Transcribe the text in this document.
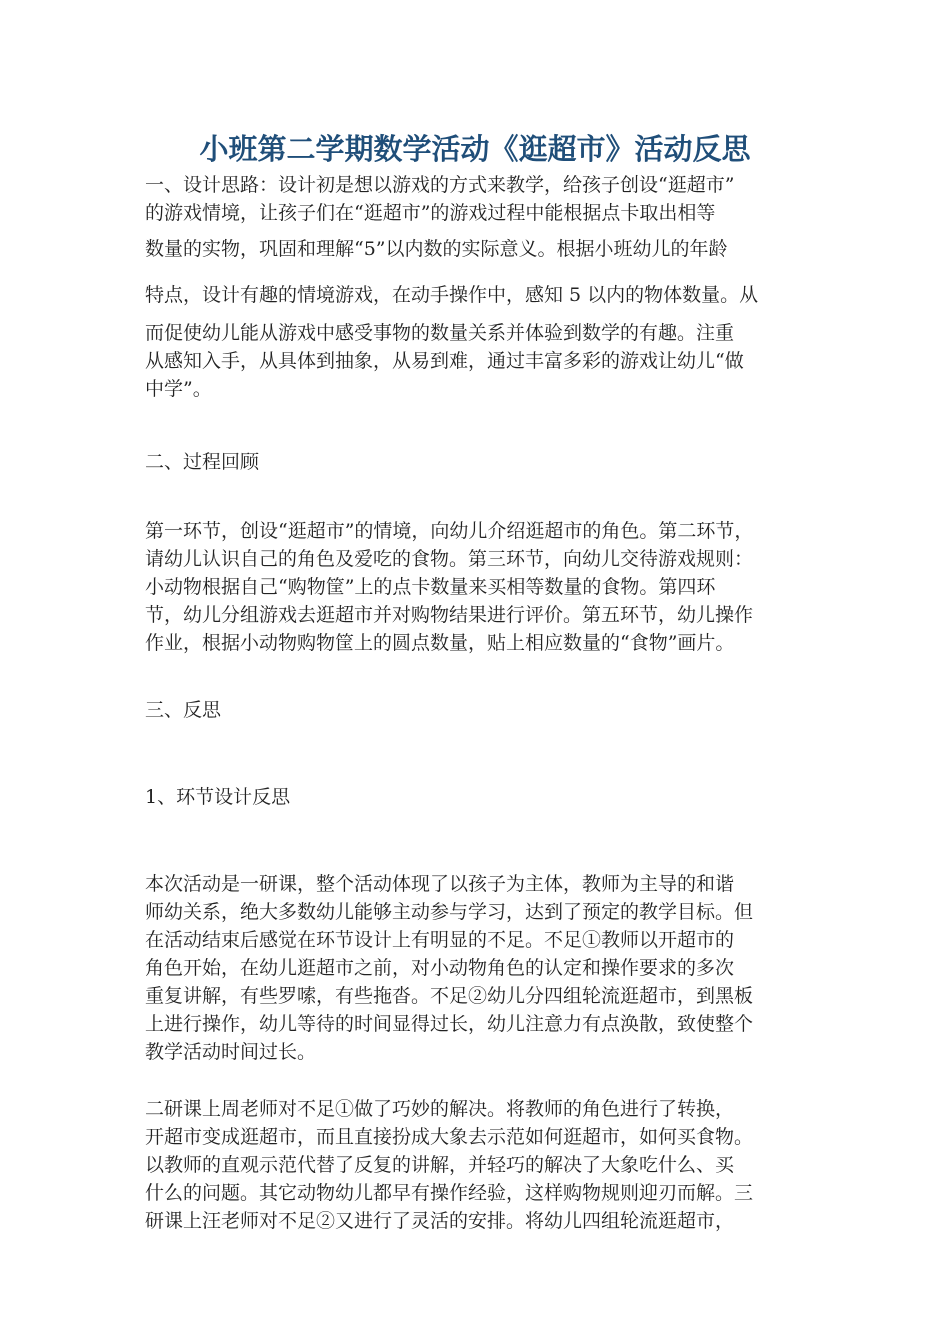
小班第二学期数学活动《逛超市》活动反思
一、设计思路：设计初是想以游戏的方式来教学，给孩子创设“逛超市”
的游戏情境，让孩子们在“逛超市”的游戏过程中能根据点卡取出相等
数量的实物，巩固和理解“5”以内数的实际意义。根据小班幼儿的年龄
特点，设计有趣的情境游戏，在动手操作中，感知 5 以内的物体数量。从
而促使幼儿能从游戏中感受事物的数量关系并体验到数学的有趣。注重
从感知入手，从具体到抽象，从易到难，通过丰富多彩的游戏让幼儿“做
中学”。
二、过程回顾
第一环节，创设“逛超市”的情境，向幼儿介绍逛超市的角色。第二环节，
请幼儿认识自己的角色及爱吃的食物。第三环节，向幼儿交待游戏规则：
小动物根据自己“购物筐”上的点卡数量来买相等数量的食物。第四环
节，幼儿分组游戏去逛超市并对购物结果进行评价。第五环节，幼儿操作
作业，根据小动物购物筐上的圆点数量，贴上相应数量的“食物”画片。
三、反思
1、环节设计反思
本次活动是一研课，整个活动体现了以孩子为主体，教师为主导的和谐
师幼关系，绝大多数幼儿能够主动参与学习，达到了预定的教学目标。但
在活动结束后感觉在环节设计上有明显的不足。不足①教师以开超市的
角色开始，在幼儿逛超市之前，对小动物角色的认定和操作要求的多次
重复讲解，有些罗嗦，有些拖沓。不足②幼儿分四组轮流逛超市，到黑板
上进行操作，幼儿等待的时间显得过长，幼儿注意力有点涣散，致使整个
教学活动时间过长。
二研课上周老师对不足①做了巧妙的解决。将教师的角色进行了转换，
开超市变成逛超市，而且直接扮成大象去示范如何逛超市，如何买食物。
以教师的直观示范代替了反复的讲解，并轻巧的解决了大象吃什么、买
什么的问题。其它动物幼儿都早有操作经验，这样购物规则迎刃而解。三
研课上汪老师对不足②又进行了灵活的安排。将幼儿四组轮流逛超市，
